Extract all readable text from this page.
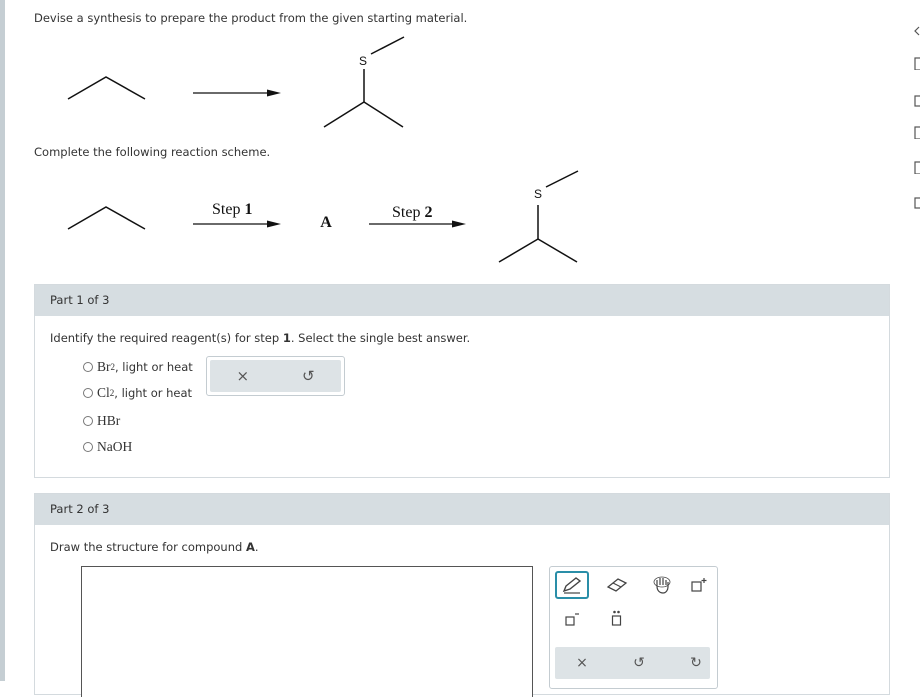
Devise a synthesis to prepare the product from the given starting material.
S
Step 1
A
Step 2
S
Complete the following reaction scheme.
Part 1 of 3
Identify the required reagent(s) for step 1. Select the single best answer.
Br 2 , light or heat
Cl 2 , light or heat
HBr
NaOH
×	↺
Part 2 of 3
Draw the structure for compound A.
×	↺	↻
